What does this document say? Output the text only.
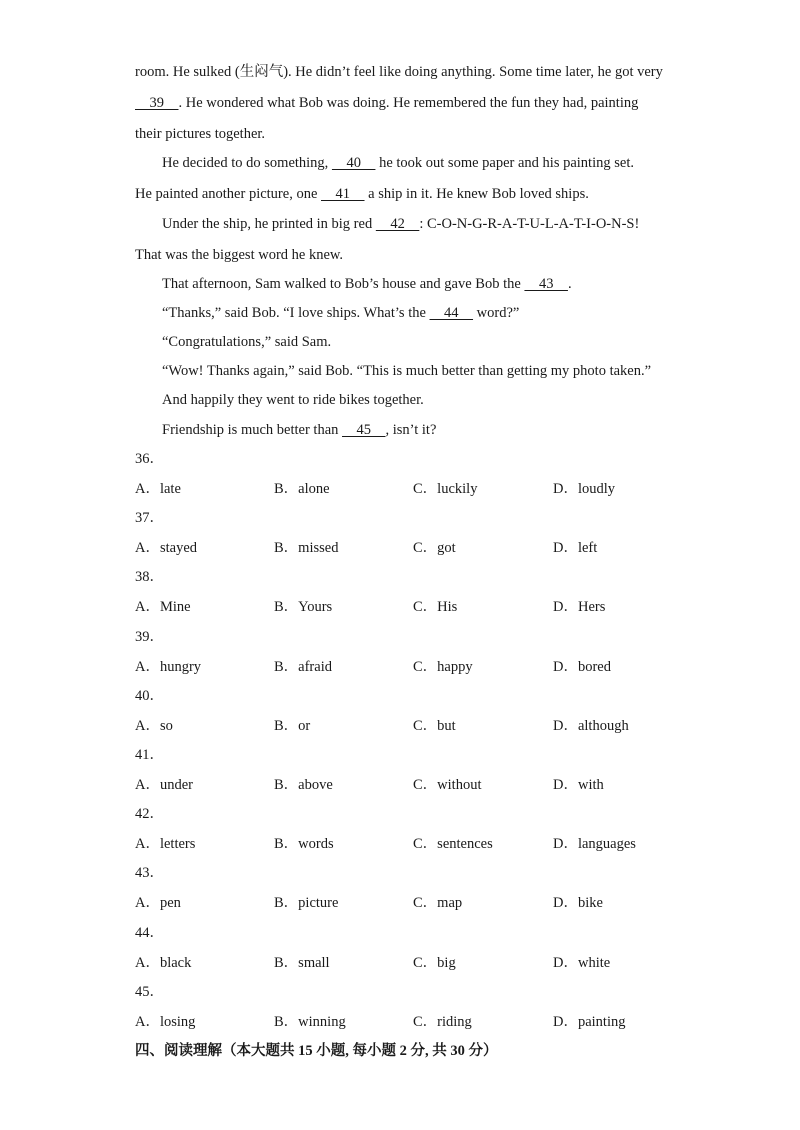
room. He sulked (生闷气). He didn’t feel like doing anything. Some time later, he got very
39    . He wondered what Bob was doing. He remembered the fun they had, painting
their pictures together.
He decided to do something,     40     he took out some paper and his painting set.
He painted another picture, one     41     a ship in it. He knew Bob loved ships.
Under the ship, he printed in big red     42    : C-O-N-G-R-A-T-U-L-A-T-I-O-N-S!
That was the biggest word he knew.
That afternoon, Sam walked to Bob’s house and gave Bob the     43    .
“Thanks,” said Bob. “I love ships. What’s the     44     word?”
“Congratulations,” said Sam.
“Wow! Thanks again,” said Bob. “This is much better than getting my photo taken.”
And happily they went to ride bikes together.
Friendship is much better than     45    , isn’t it?
36．
A．late	B．alone	C．luckily	D．loudly
37．
A．stayed	B．missed	C．got	D．left
38．
A．Mine	B．Yours	C．His	D．Hers
39．
A．hungry	B．afraid	C．happy	D．bored
40．
A．so	B．or	C．but	D．although
41．
A．under	B．above	C．without	D．with
42．
A．letters	B．words	C．sentences	D．languages
43．
A．pen	B．picture	C．map	D．bike
44．
A．black	B．small	C．big	D．white
45．
A．losing	B．winning	C．riding	D．painting
四、阅读理解（本大题共 15 小题, 每小题 2 分, 共 30 分）
